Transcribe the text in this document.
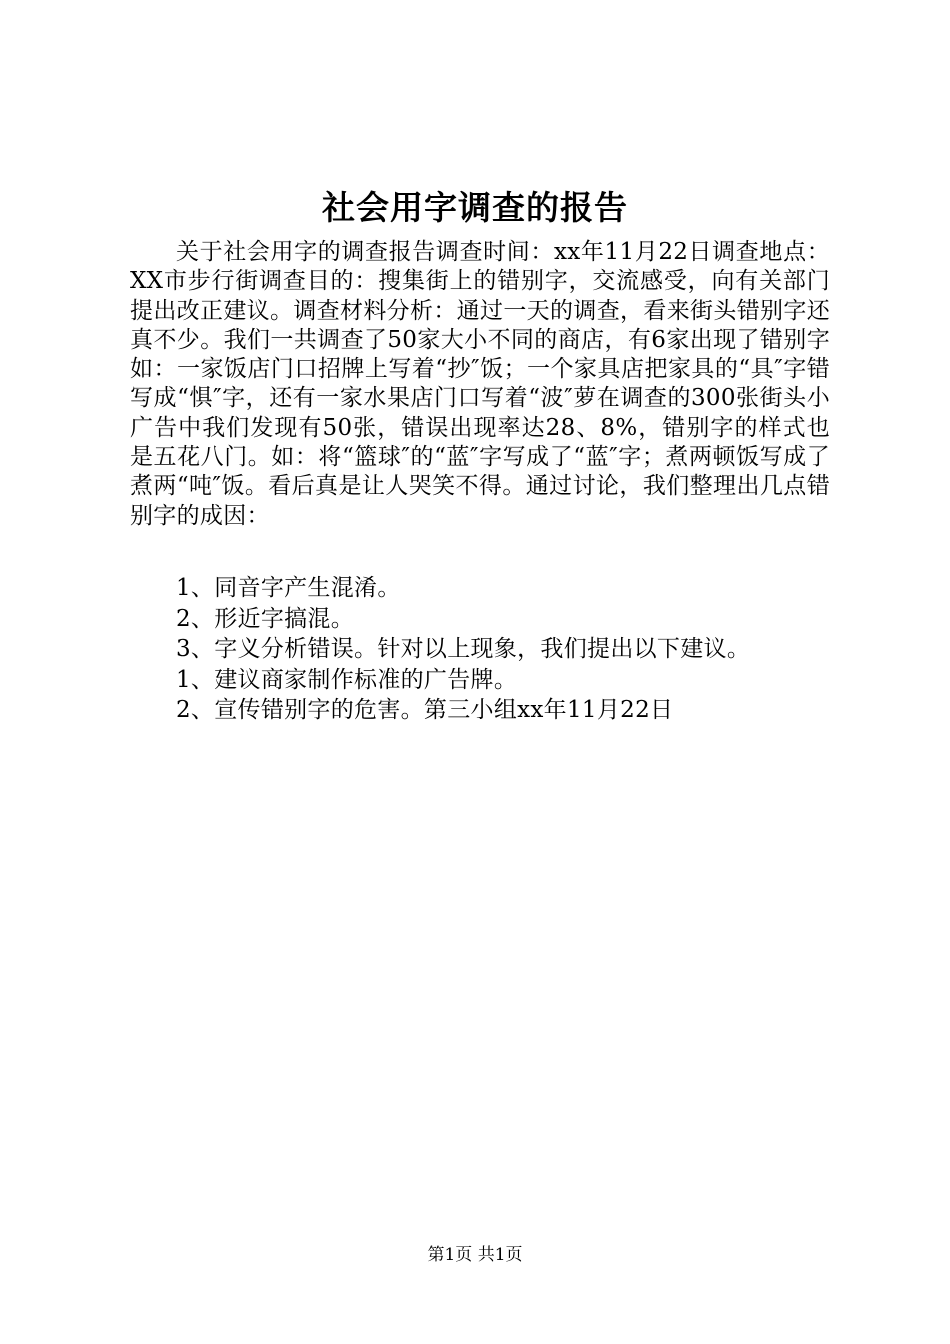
社会用字调查的报告

关于社会用字的调查报告调查时间：xx年11月22日调查地点：XX市步行街调查目的：搜集街上的错别字，交流感受，向有关部门提出改正建议。调查材料分析：通过一天的调查，看来街头错别字还真不少。我们一共调查了50家大小不同的商店，有6家出现了错别字如：一家饭店门口招牌上写着“抄″饭；一个家具店把家具的“具″字错写成“惧″字，还有一家水果店门口写着“波″萝在调查的300张街头小广告中我们发现有50张，错误出现率达28、8%，错别字的样式也是五花八门。如：将“篮球″的“蓝″字写成了“蓝″字；煮两顿饭写成了煮两“吨″饭。看后真是让人哭笑不得。通过讨论，我们整理出几点错别字的成因：

1、同音字产生混淆。
2、形近字搞混。
3、字义分析错误。针对以上现象，我们提出以下建议。
1、建议商家制作标准的广告牌。
2、宣传错别字的危害。第三小组xx年11月22日
第1页 共1页
